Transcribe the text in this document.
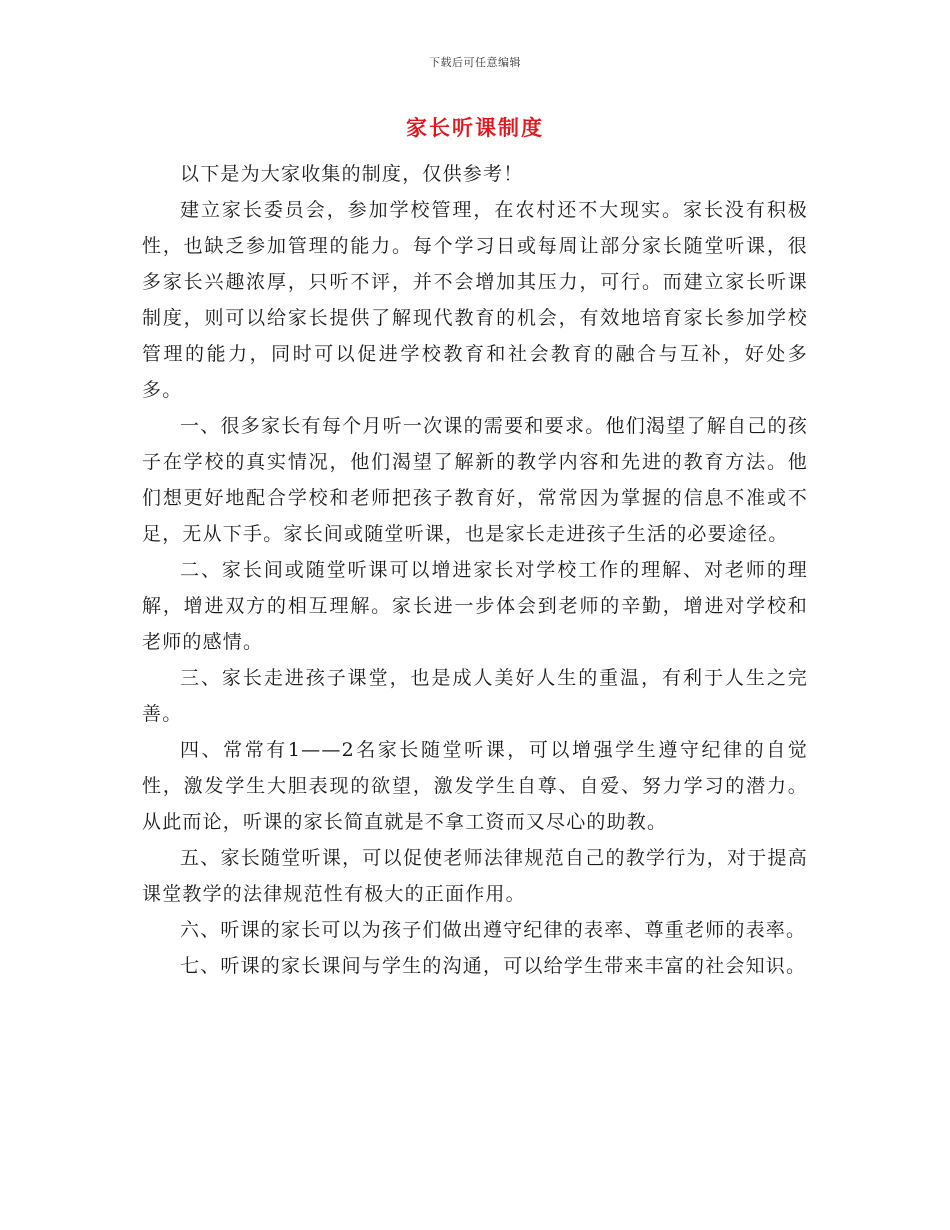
下载后可任意编辑
家长听课制度

以下是为大家收集的制度，仅供参考！

建立家长委员会，参加学校管理，在农村还不大现实。家长没有积极性，也缺乏参加管理的能力。每个学习日或每周让部分家长随堂听课，很多家长兴趣浓厚，只听不评，并不会增加其压力，可行。而建立家长听课制度，则可以给家长提供了解现代教育的机会，有效地培育家长参加学校管理的能力，同时可以促进学校教育和社会教育的融合与互补，好处多多。

一、很多家长有每个月听一次课的需要和要求。他们渴望了解自己的孩子在学校的真实情况，他们渴望了解新的教学内容和先进的教育方法。他们想更好地配合学校和老师把孩子教育好，常常因为掌握的信息不准或不足，无从下手。家长间或随堂听课，也是家长走进孩子生活的必要途径。

二、家长间或随堂听课可以增进家长对学校工作的理解、对老师的理解，增进双方的相互理解。家长进一步体会到老师的辛勤，增进对学校和老师的感情。

三、家长走进孩子课堂，也是成人美好人生的重温，有利于人生之完善。

四、常常有1——2名家长随堂听课，可以增强学生遵守纪律的自觉性，激发学生大胆表现的欲望，激发学生自尊、自爱、努力学习的潜力。从此而论，听课的家长简直就是不拿工资而又尽心的助教。

五、家长随堂听课，可以促使老师法律规范自己的教学行为，对于提高课堂教学的法律规范性有极大的正面作用。

六、听课的家长可以为孩子们做出遵守纪律的表率、尊重老师的表率。

七、听课的家长课间与学生的沟通，可以给学生带来丰富的社会知识。
